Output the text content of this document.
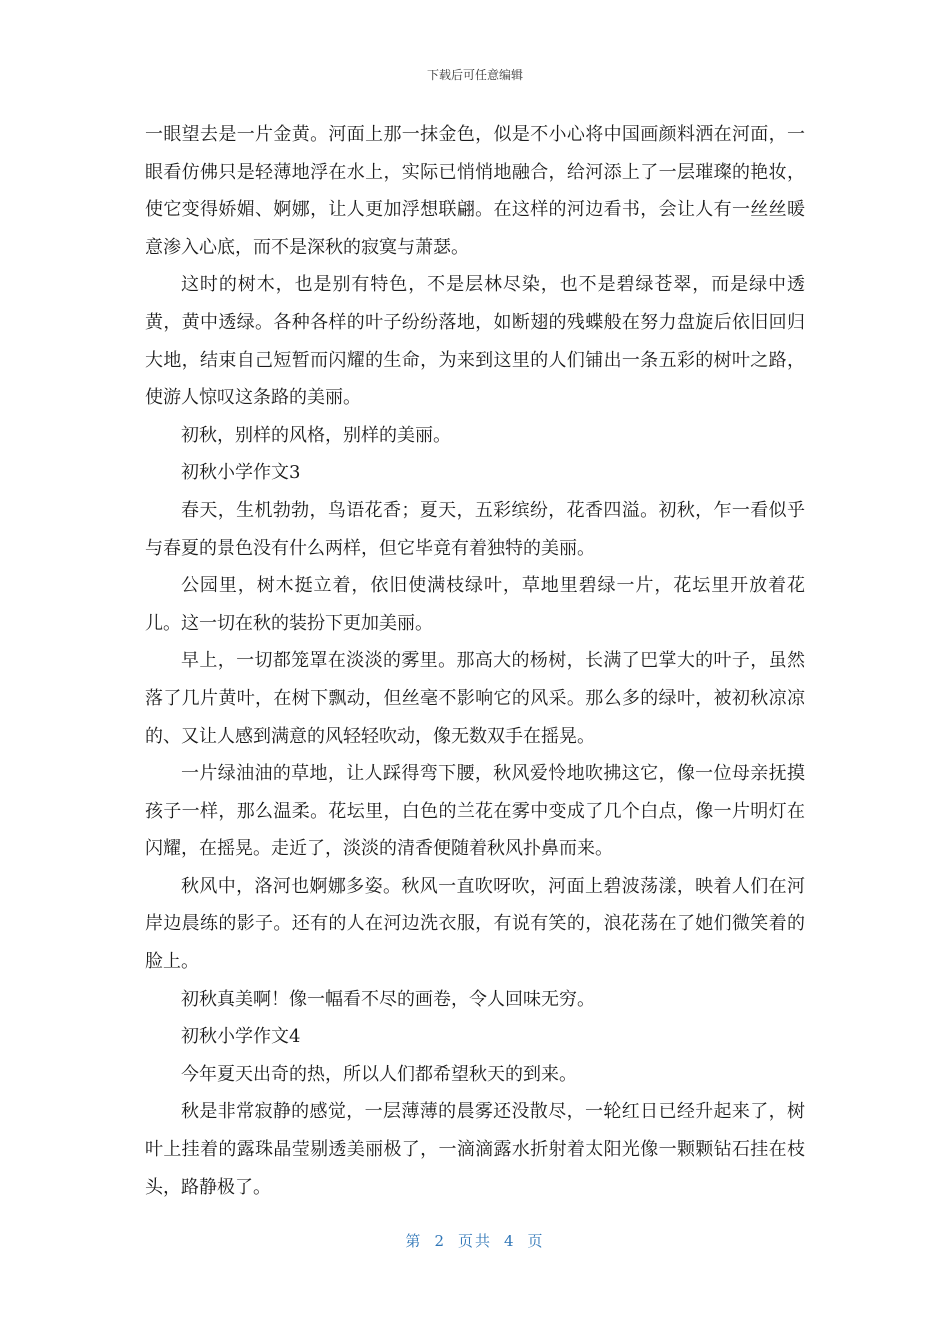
下载后可任意编辑

一眼望去是一片金黄。河面上那一抹金色，似是不小心将中国画颜料洒在河面，一眼看仿佛只是轻薄地浮在水上，实际已悄悄地融合，给河添上了一层璀璨的艳妆，使它变得娇媚、婀娜，让人更加浮想联翩。在这样的河边看书，会让人有一丝丝暖意渗入心底，而不是深秋的寂寞与萧瑟。

这时的树木，也是别有特色，不是层林尽染，也不是碧绿苍翠，而是绿中透黄，黄中透绿。各种各样的叶子纷纷落地，如断翅的残蝶般在努力盘旋后依旧回归大地，结束自己短暂而闪耀的生命，为来到这里的人们铺出一条五彩的树叶之路，使游人惊叹这条路的美丽。

初秋，别样的风格，别样的美丽。

初秋小学作文3

春天，生机勃勃，鸟语花香；夏天，五彩缤纷，花香四溢。初秋，乍一看似乎与春夏的景色没有什么两样，但它毕竟有着独特的美丽。

公园里，树木挺立着，依旧使满枝绿叶，草地里碧绿一片，花坛里开放着花儿。这一切在秋的装扮下更加美丽。

早上，一切都笼罩在淡淡的雾里。那高大的杨树，长满了巴掌大的叶子，虽然落了几片黄叶，在树下飘动，但丝毫不影响它的风采。那么多的绿叶，被初秋凉凉的、又让人感到满意的风轻轻吹动，像无数双手在摇晃。

一片绿油油的草地，让人踩得弯下腰，秋风爱怜地吹拂这它，像一位母亲抚摸孩子一样，那么温柔。花坛里，白色的兰花在雾中变成了几个白点，像一片明灯在闪耀，在摇晃。走近了，淡淡的清香便随着秋风扑鼻而来。

秋风中，洛河也婀娜多姿。秋风一直吹呀吹，河面上碧波荡漾，映着人们在河岸边晨练的影子。还有的人在河边洗衣服，有说有笑的，浪花荡在了她们微笑着的脸上。

初秋真美啊！像一幅看不尽的画卷，令人回味无穷。

初秋小学作文4

今年夏天出奇的热，所以人们都希望秋天的到来。

秋是非常寂静的感觉，一层薄薄的晨雾还没散尽，一轮红日已经升起来了，树叶上挂着的露珠晶莹剔透美丽极了，一滴滴露水折射着太阳光像一颗颗钻石挂在枝头，路静极了。

第 2 页共 4 页
